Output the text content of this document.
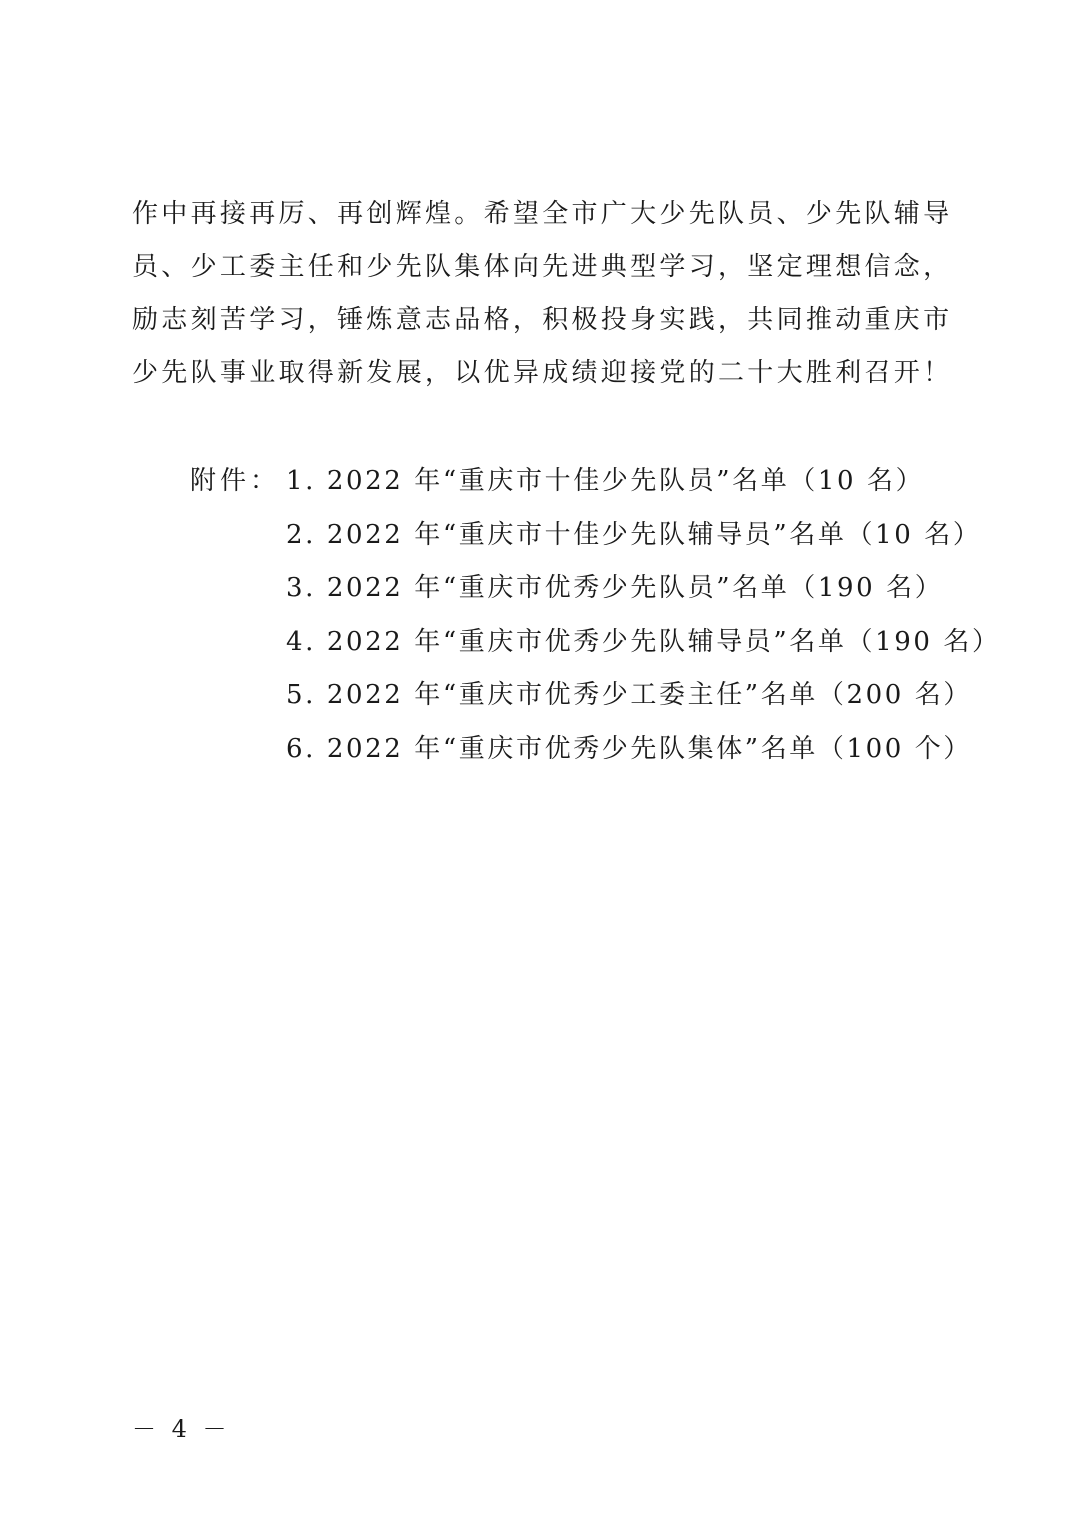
作中再接再厉、再创辉煌。希望全市广大少先队员、少先队辅导
员、少工委主任和少先队集体向先进典型学习，坚定理想信念，
励志刻苦学习，锤炼意志品格，积极投身实践，共同推动重庆市
少先队事业取得新发展，以优异成绩迎接党的二十大胜利召开！
附件： 1. 2022 年“重庆市十佳少先队员”名单（10 名）
2. 2022 年“重庆市十佳少先队辅导员”名单（10 名）
3. 2022 年“重庆市优秀少先队员”名单（190 名）
4. 2022 年“重庆市优秀少先队辅导员”名单（190 名）
5. 2022 年“重庆市优秀少工委主任”名单（200 名）
6. 2022 年“重庆市优秀少先队集体”名单（100 个）
－ 4 －
